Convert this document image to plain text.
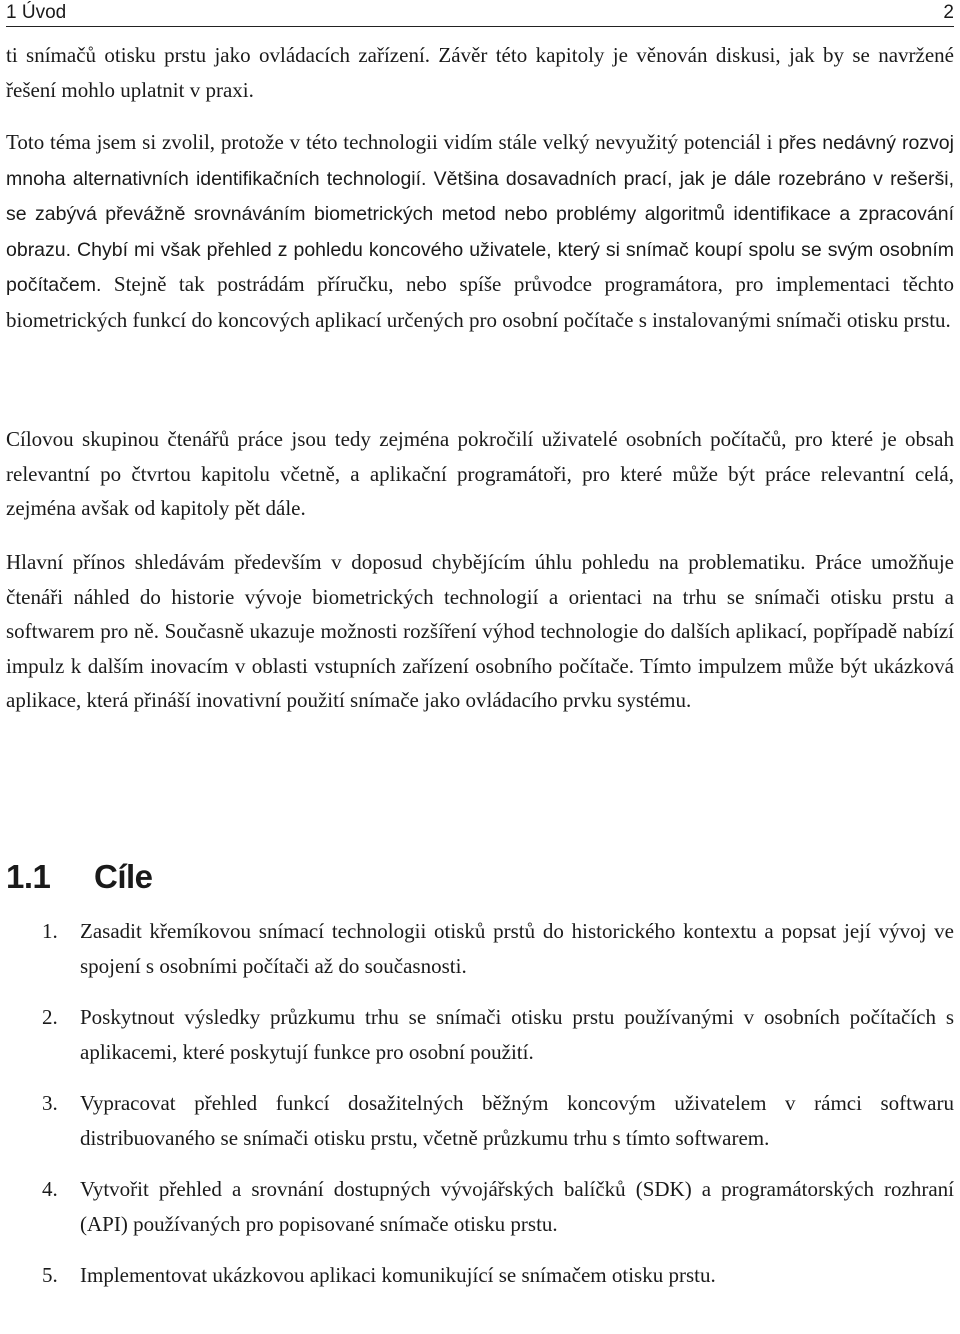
1 Úvod	2

ti snímačů otisku prstu jako ovládacích zařízení. Závěr této kapitoly je věnován diskusi, jak by se navržené řešení mohlo uplatnit v praxi.

Toto téma jsem si zvolil, protože v této technologii vidím stále velký nevyužitý potenciál i přes nedávný rozvoj mnoha alternativních identifikačních technologií. Většina dosavadních prací, jak je dále rozebráno v rešerši, se zabývá převážně srovnáváním biometrických metod nebo problémy algoritmů identifikace a zpracování obrazu. Chybí mi však přehled z pohledu koncového uživatele, který si snímač koupí spolu se svým osobním počítačem. Stejně tak postrádám příručku, nebo spíše průvodce programátora, pro implementaci těchto biometrických funkcí do koncových aplikací určených pro osobní počítače s instalovanými snímači otisku prstu.

Cílovou skupinou čtenářů práce jsou tedy zejména pokročilí uživatelé osobních počítačů, pro které je obsah relevantní po čtvrtou kapitolu včetně, a aplikační programátoři, pro které může být práce relevantní celá, zejména avšak od kapitoly pět dále.

Hlavní přínos shledávám především v doposud chybějícím úhlu pohledu na problematiku. Práce umožňuje čtenáři náhled do historie vývoje biometrických technologií a orientaci na trhu se snímači otisku prstu a softwarem pro ně. Současně ukazuje možnosti rozšíření výhod technologie do dalších aplikací, popřípadě nabízí impulz k dalším inovacím v oblasti vstupních zařízení osobního počítače. Tímto impulzem může být ukázková aplikace, která přináší inovativní použití snímače jako ovládacího prvku systému.

1.1 Cíle
1. Zasadit křemíkovou snímací technologii otisků prstů do historického kontextu a popsat její vývoj ve spojení s osobními počítači až do současnosti.
2. Poskytnout výsledky průzkumu trhu se snímači otisku prstu používanými v osobních počítačích s aplikacemi, které poskytují funkce pro osobní použití.
3. Vypracovat přehled funkcí dosažitelných běžným koncovým uživatelem v rámci softwaru distribuovaného se snímači otisku prstu, včetně průzkumu trhu s tímto softwarem.
4. Vytvořit přehled a srovnání dostupných vývojářských balíčků (SDK) a programátorských rozhraní (API) používaných pro popisované snímače otisku prstu.
5. Implementovat ukázkovou aplikaci komunikující se snímačem otisku prstu.
